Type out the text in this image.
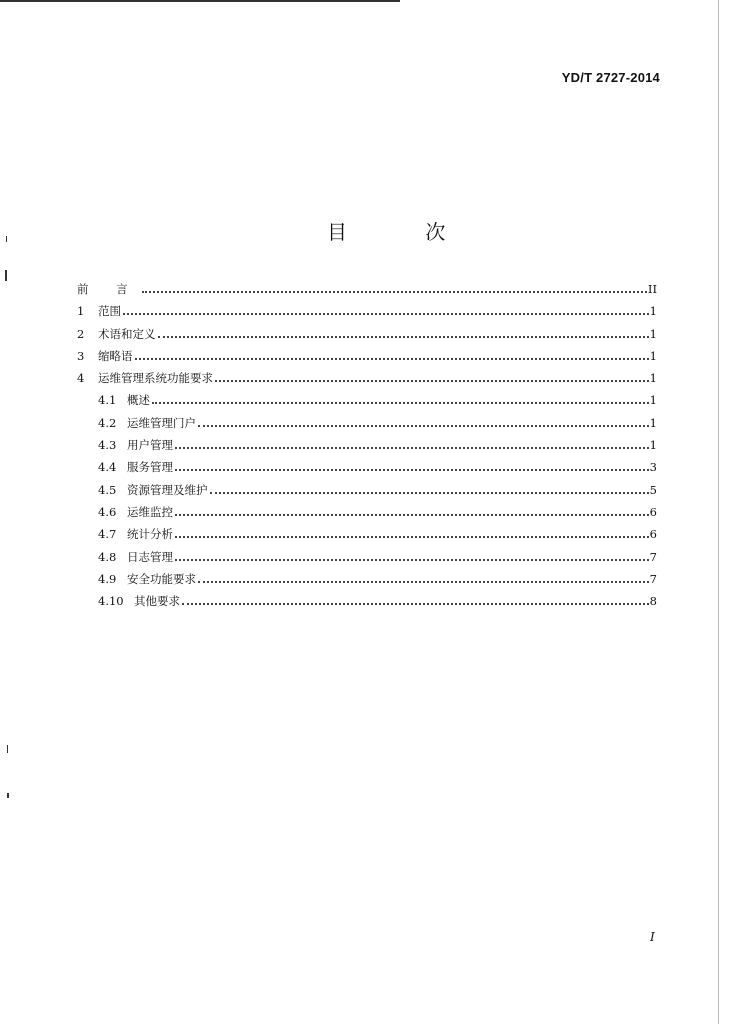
YD/T 2727-2014
目 次
前 言	II
1	范围	1
2	术语和定义	1
3	缩略语	1
4	运维管理系统功能要求	1
4.1 概述	1
4.2 运维管理门户	1
4.3 用户管理	1
4.4 服务管理	3
4.5 资源管理及维护	5
4.6 运维监控	6
4.7 统计分析	6
4.8 日志管理	7
4.9 安全功能要求	7
4.10 其他要求	8
I
